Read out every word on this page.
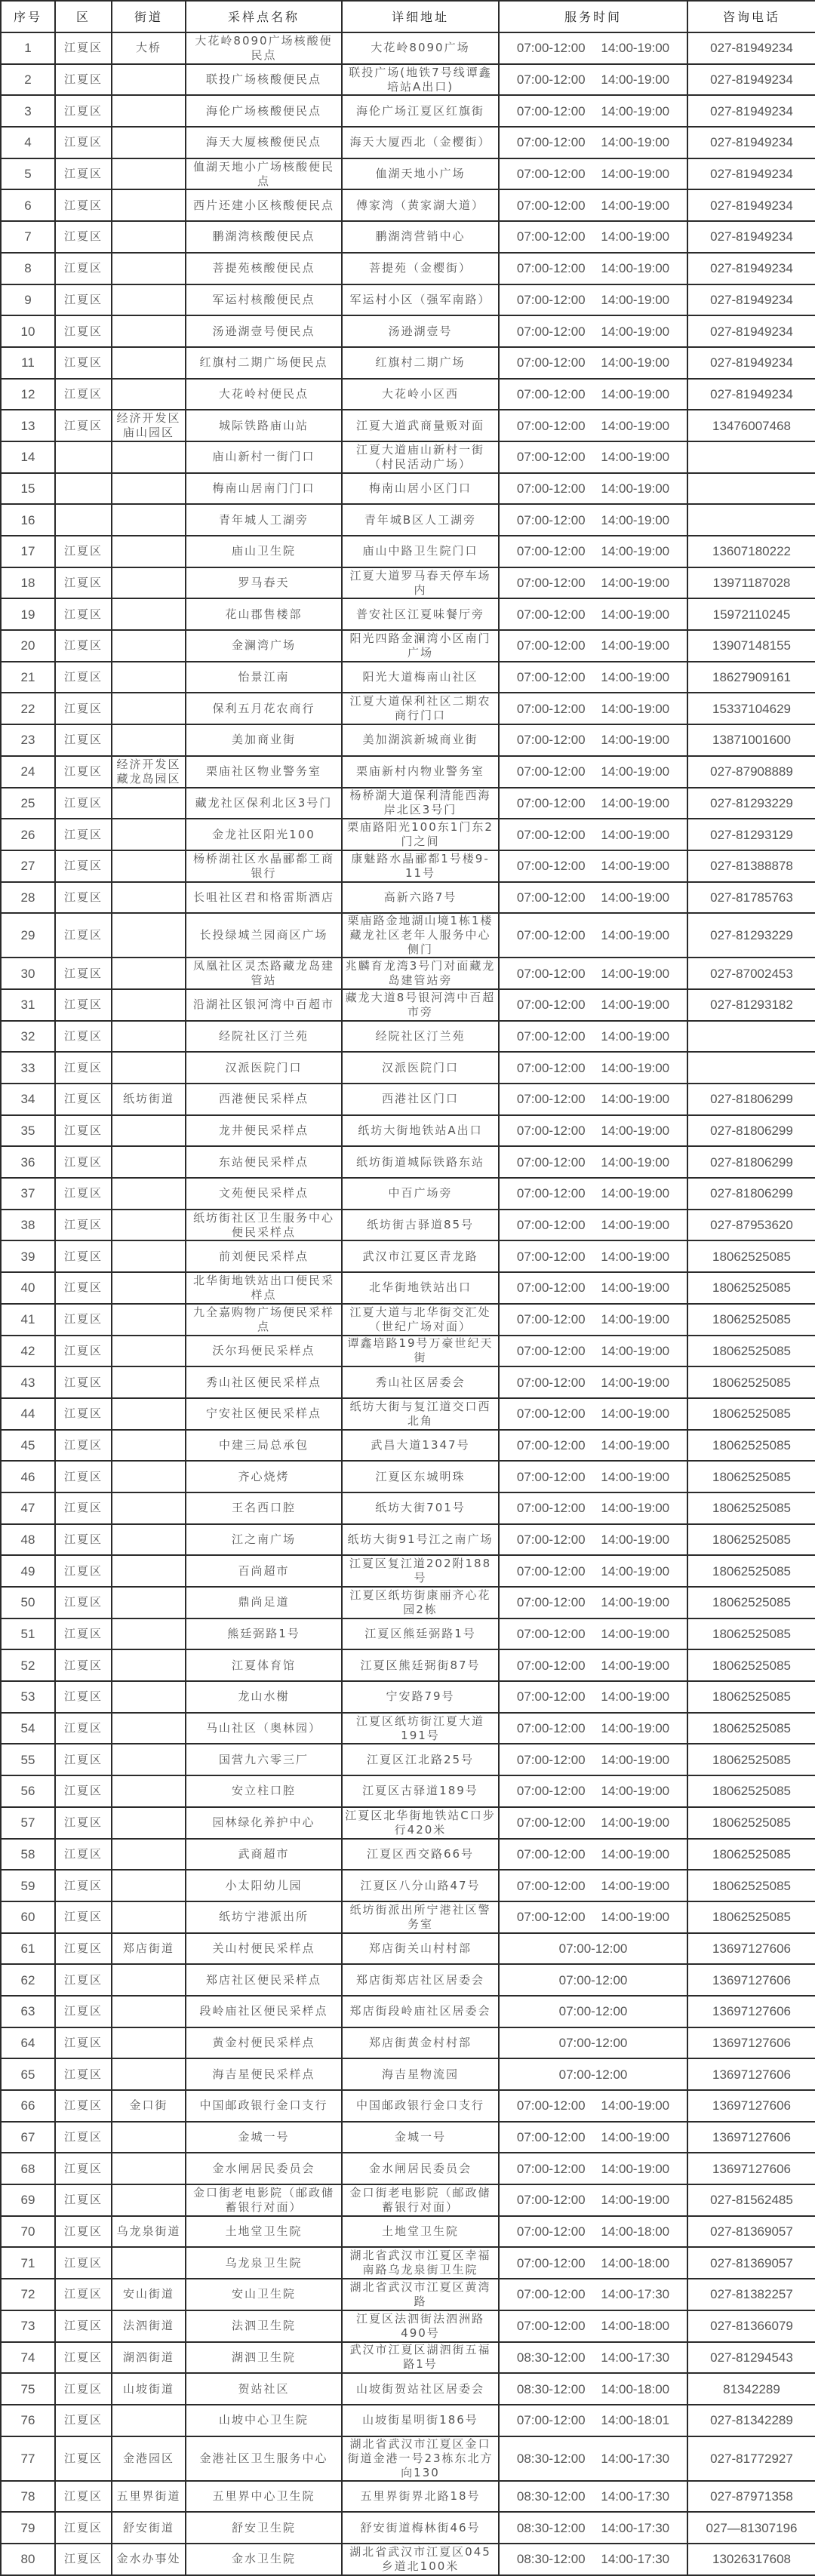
序号	区	街道	采样点名称	详细地址	服务时间	咨询电话
1	江夏区	大桥	大花岭8090广场核酸便民点	大花岭8090广场	07:00-12:00 14:00-19:00	027-81949234
2	江夏区		联投广场核酸便民点	联投广场(地铁7号线谭鑫培站A出口)	07:00-12:00 14:00-19:00	027-81949234
3	江夏区		海伦广场核酸便民点	海伦广场江夏区红旗街	07:00-12:00 14:00-19:00	027-81949234
4	江夏区		海天大厦核酸便民点	海天大厦西北（金樱街）	07:00-12:00 14:00-19:00	027-81949234
5	江夏区		侐湖天地小广场核酸便民点	侐湖天地小广场	07:00-12:00 14:00-19:00	027-81949234
6	江夏区		西片还建小区核酸便民点	傅家湾（黄家湖大道）	07:00-12:00 14:00-19:00	027-81949234
7	江夏区		鹏湖湾核酸便民点	鹏湖湾营销中心	07:00-12:00 14:00-19:00	027-81949234
8	江夏区		菩提苑核酸便民点	菩提苑（金樱街）	07:00-12:00 14:00-19:00	027-81949234
9	江夏区		军运村核酸便民点	军运村小区（强军南路）	07:00-12:00 14:00-19:00	027-81949234
10	江夏区		汤逊湖壹号便民点	汤逊湖壹号	07:00-12:00 14:00-19:00	027-81949234
11	江夏区		红旗村二期广场便民点	红旗村二期广场	07:00-12:00 14:00-19:00	027-81949234
12	江夏区		大花岭村便民点	大花岭小区西	07:00-12:00 14:00-19:00	027-81949234
13	江夏区	经济开发区庙山园区	城际铁路庙山站	江夏大道武商量贩对面	07:00-12:00 14:00-19:00	13476007468
14			庙山新村一街门口	江夏大道庙山新村一街（村民活动广场）	07:00-12:00 14:00-19:00	
15			梅南山居南门门口	梅南山居小区门口	07:00-12:00 14:00-19:00	
16			青年城人工湖旁	青年城B区人工湖旁	07:00-12:00 14:00-19:00	
17	江夏区		庙山卫生院	庙山中路卫生院门口	07:00-12:00 14:00-19:00	13607180222
18	江夏区		罗马春天	江夏大道罗马春天停车场内	07:00-12:00 14:00-19:00	13971187028
19	江夏区		花山郡售楼部	普安社区江夏味餐厅旁	07:00-12:00 14:00-19:00	15972110245
20	江夏区		金澜湾广场	阳光四路金澜湾小区南门广场	07:00-12:00 14:00-19:00	13907148155
21	江夏区		怡景江南	阳光大道梅南山社区	07:00-12:00 14:00-19:00	18627909161
22	江夏区		保利五月花农商行	江夏大道保利社区二期农商行门口	07:00-12:00 14:00-19:00	15337104629
23	江夏区		美加商业街	美加湖滨新城商业街	07:00-12:00 14:00-19:00	13871001600
24	江夏区	经济开发区藏龙岛园区	栗庙社区物业警务室	栗庙新村内物业警务室	07:00-12:00 14:00-19:00	027-87908889
25	江夏区		藏龙社区保利北区3号门	杨桥湖大道保利清能西海岸北区3号门	07:00-12:00 14:00-19:00	027-81293229
26	江夏区		金龙社区阳光100	栗庙路阳光100东1门东2门之间	07:00-12:00 14:00-19:00	027-81293129
27	江夏区		杨桥湖社区水晶郦都工商银行	康魅路水晶郦都1号楼9-11号	07:00-12:00 14:00-19:00	027-81388878
28	江夏区		长咀社区君和格雷斯酒店	高新六路7号	07:00-12:00 14:00-19:00	027-81785763
29	江夏区		长投绿城兰园商区广场	栗庙路金地湖山境1栋1楼藏龙社区老年人服务中心侧门	07:00-12:00 14:00-19:00	027-81293229
30	江夏区		凤凰社区灵杰路藏龙岛建管站	兆麟育龙湾3号门对面藏龙岛建管站旁	07:00-12:00 14:00-19:00	027-87002453
31	江夏区		沿湖社区银河湾中百超市	藏龙大道8号银河湾中百超市旁	07:00-12:00 14:00-19:00	027-81293182
32	江夏区		经院社区汀兰苑	经院社区汀兰苑	07:00-12:00 14:00-19:00	
33	江夏区		汉派医院门口	汉派医院门口	07:00-12:00 14:00-19:00	
34	江夏区	纸坊街道	西港便民采样点	西港社区门口	07:00-12:00 14:00-19:00	027-81806299
35	江夏区		龙井便民采样点	纸坊大街地铁站A出口	07:00-12:00 14:00-19:00	027-81806299
36	江夏区		东站便民采样点	纸坊街道城际铁路东站	07:00-12:00 14:00-19:00	027-81806299
37	江夏区		文苑便民采样点	中百广场旁	07:00-12:00 14:00-19:00	027-81806299
38	江夏区		纸坊街社区卫生服务中心便民采样点	纸坊街古驿道85号	07:00-12:00 14:00-19:00	027-87953620
39	江夏区		前刘便民采样点	武汉市江夏区青龙路	07:00-12:00 14:00-19:00	18062525085
40	江夏区		北华街地铁站出口便民采样点	北华街地铁站出口	07:00-12:00 14:00-19:00	18062525085
41	江夏区		九全嘉购物广场便民采样点	江夏大道与北华街交汇处（世纪广场对面）	07:00-12:00 14:00-19:00	18062525085
42	江夏区		沃尔玛便民采样点	谭鑫培路19号万豪世纪天街	07:00-12:00 14:00-19:00	18062525085
43	江夏区		秀山社区便民采样点	秀山社区居委会	07:00-12:00 14:00-19:00	18062525085
44	江夏区		宁安社区便民采样点	纸坊大街与复江道交口西北角	07:00-12:00 14:00-19:00	18062525085
45	江夏区		中建三局总承包	武昌大道1347号	07:00-12:00 14:00-19:00	18062525085
46	江夏区		齐心烧烤	江夏区东城明珠	07:00-12:00 14:00-19:00	18062525085
47	江夏区		王名西口腔	纸坊大街701号	07:00-12:00 14:00-19:00	18062525085
48	江夏区		江之南广场	纸坊大街91号江之南广场	07:00-12:00 14:00-19:00	18062525085
49	江夏区		百尚超市	江夏区复江道202附188号	07:00-12:00 14:00-19:00	18062525085
50	江夏区		鼎尚足道	江夏区纸坊街康丽齐心花园2栋	07:00-12:00 14:00-19:00	18062525085
51	江夏区		熊廷弼路1号	江夏区熊廷弼路1号	07:00-12:00 14:00-19:00	18062525085
52	江夏区		江夏体育馆	江夏区熊廷弼街87号	07:00-12:00 14:00-19:00	18062525085
53	江夏区		龙山水榭	宁安路79号	07:00-12:00 14:00-19:00	18062525085
54	江夏区		马山社区（奥林园）	江夏区纸坊街江夏大道191号	07:00-12:00 14:00-19:00	18062525085
55	江夏区		国营九六零三厂	江夏区江北路25号	07:00-12:00 14:00-19:00	18062525085
56	江夏区		安立柱口腔	江夏区古驿道189号	07:00-12:00 14:00-19:00	18062525085
57	江夏区		园林绿化养护中心	江夏区北华街地铁站C口步行420米	07:00-12:00 14:00-19:00	18062525085
58	江夏区		武商超市	江夏区西交路66号	07:00-12:00 14:00-19:00	18062525085
59	江夏区		小太阳幼儿园	江夏区八分山路47号	07:00-12:00 14:00-19:00	18062525085
60	江夏区		纸坊宁港派出所	纸坊街派出所宁港社区警务室	07:00-12:00 14:00-19:00	18062525085
61	江夏区	郑店街道	关山村便民采样点	郑店街关山村村部	07:00-12:00	13697127606
62	江夏区		郑店社区便民采样点	郑店街郑店社区居委会	07:00-12:00	13697127606
63	江夏区		段岭庙社区便民采样点	郑店街段岭庙社区居委会	07:00-12:00	13697127606
64	江夏区		黄金村便民采样点	郑店街黄金村村部	07:00-12:00	13697127606
65	江夏区		海吉星便民采样点	海吉星物流园	07:00-12:00	13697127606
66	江夏区	金口街	中国邮政银行金口支行	中国邮政银行金口支行	07:00-12:00 14:00-19:00	13697127606
67	江夏区		金城一号	金城一号	07:00-12:00 14:00-19:00	13697127606
68	江夏区		金水闸居民委员会	金水闸居民委员会	07:00-12:00 14:00-19:00	13697127606
69	江夏区		金口街老电影院（邮政储蓄银行对面）	金口街老电影院（邮政储蓄银行对面）	07:00-12:00 14:00-19:00	027-81562485
70	江夏区	乌龙泉街道	土地堂卫生院	土地堂卫生院	07:00-12:00 14:00-18:00	027-81369057
71	江夏区		乌龙泉卫生院	湖北省武汉市江夏区幸福南路乌龙泉街卫生院	07:00-12:00 14:00-18:00	027-81369057
72	江夏区	安山街道	安山卫生院	湖北省武汉市江夏区黄湾路	07:00-12:00 14:00-17:30	027-81382257
73	江夏区	法泗街道	法泗卫生院	江夏区法泗街法泗洲路490号	07:00-12:00 14:00-18:00	027-81366079
74	江夏区	湖泗街道	湖泗卫生院	武汉市江夏区湖泗街五福路1号	08:30-12:00 14:00-17:30	027-81294543
75	江夏区	山坡街道	贺站社区	山坡街贺站社区居委会	08:30-12:00 14:00-18:00	81342289
76	江夏区		山坡中心卫生院	山坡街星明街186号	07:00-12:00 14:00-18:01	027-81342289
77	江夏区	金港园区	金港社区卫生服务中心	湖北省武汉市江夏区金口街道金港一号23栋东北方向130	08:30-12:00 14:00-17:30	027-81772927
78	江夏区	五里界街道	五里界中心卫生院	五里界街界北路18号	08:30-12:00 14:00-17:30	027-87971358
79	江夏区	舒安街道	舒安卫生院	舒安街道梅林街46号	08:30-12:00 14:00-17:30	027—81307196
80	江夏区	金水办事处	金水卫生院	湖北省武汉市江夏区045乡道北100米	08:30-12:00 14:00-17:30	13026317608
